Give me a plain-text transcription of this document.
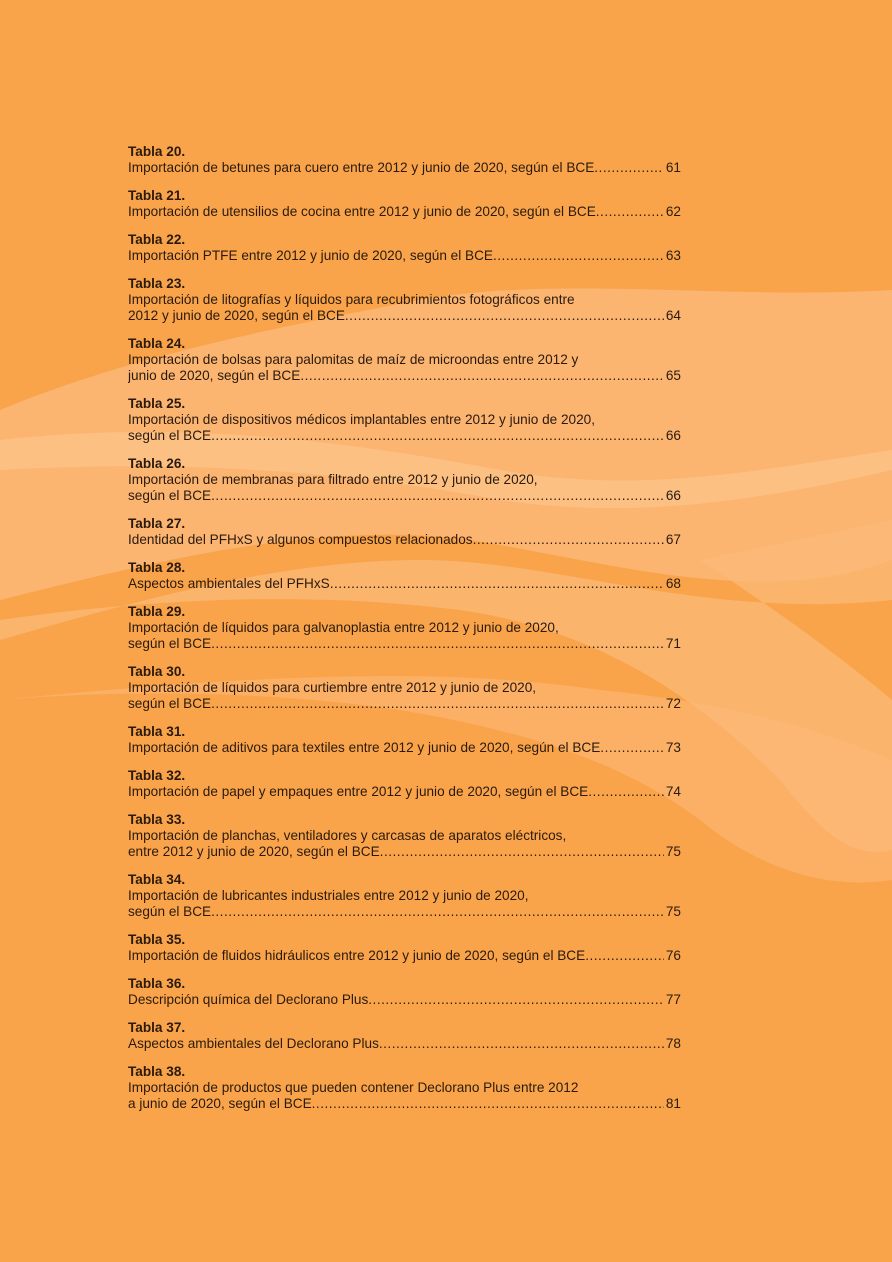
Tabla 20.
Importación de betunes para cuero entre 2012 y junio de 2020, según el BCE .....	61
Tabla 21.
Importación de utensilios de cocina entre 2012 y junio de 2020, según el BCE .....	62
Tabla 22.
Importación PTFE entre 2012 y junio de 2020, según el BCE .....	63
Tabla 23.
Importación de litografías y líquidos para recubrimientos fotográficos entre
2012 y junio de 2020, según el BCE .....	64
Tabla 24.
Importación de bolsas para palomitas de maíz de microondas entre 2012 y
junio de 2020, según el BCE .....	65
Tabla 25.
Importación de dispositivos médicos implantables entre 2012 y junio de 2020,
según el BCE .....	66
Tabla 26.
Importación de membranas para filtrado entre 2012 y junio de 2020,
según el BCE .....	66
Tabla 27.
Identidad del PFHxS y algunos compuestos relacionados .....	67
Tabla 28.
Aspectos ambientales del PFHxS .....	68
Tabla 29.
Importación de líquidos para galvanoplastia entre 2012 y junio de 2020,
según el BCE .....	71
Tabla 30.
Importación de líquidos para curtiembre entre 2012 y junio de 2020,
según el BCE .....	72
Tabla 31.
Importación de aditivos para textiles entre 2012 y junio de 2020, según el BCE .....	73
Tabla 32.
Importación de papel y empaques entre 2012 y junio de 2020, según el BCE .....	74
Tabla 33.
Importación de planchas, ventiladores y carcasas de aparatos eléctricos,
entre 2012 y junio de 2020, según el BCE .....	75
Tabla 34.
Importación de lubricantes industriales entre 2012 y junio de 2020,
según el BCE .....	75
Tabla 35.
Importación de fluidos hidráulicos entre 2012 y junio de 2020, según el BCE .....	76
Tabla 36.
Descripción química del Declorano Plus .....	77
Tabla 37.
Aspectos ambientales del Declorano Plus .....	78
Tabla 38.
Importación de productos que pueden contener Declorano Plus entre 2012
a junio de 2020, según el BCE .....	81
